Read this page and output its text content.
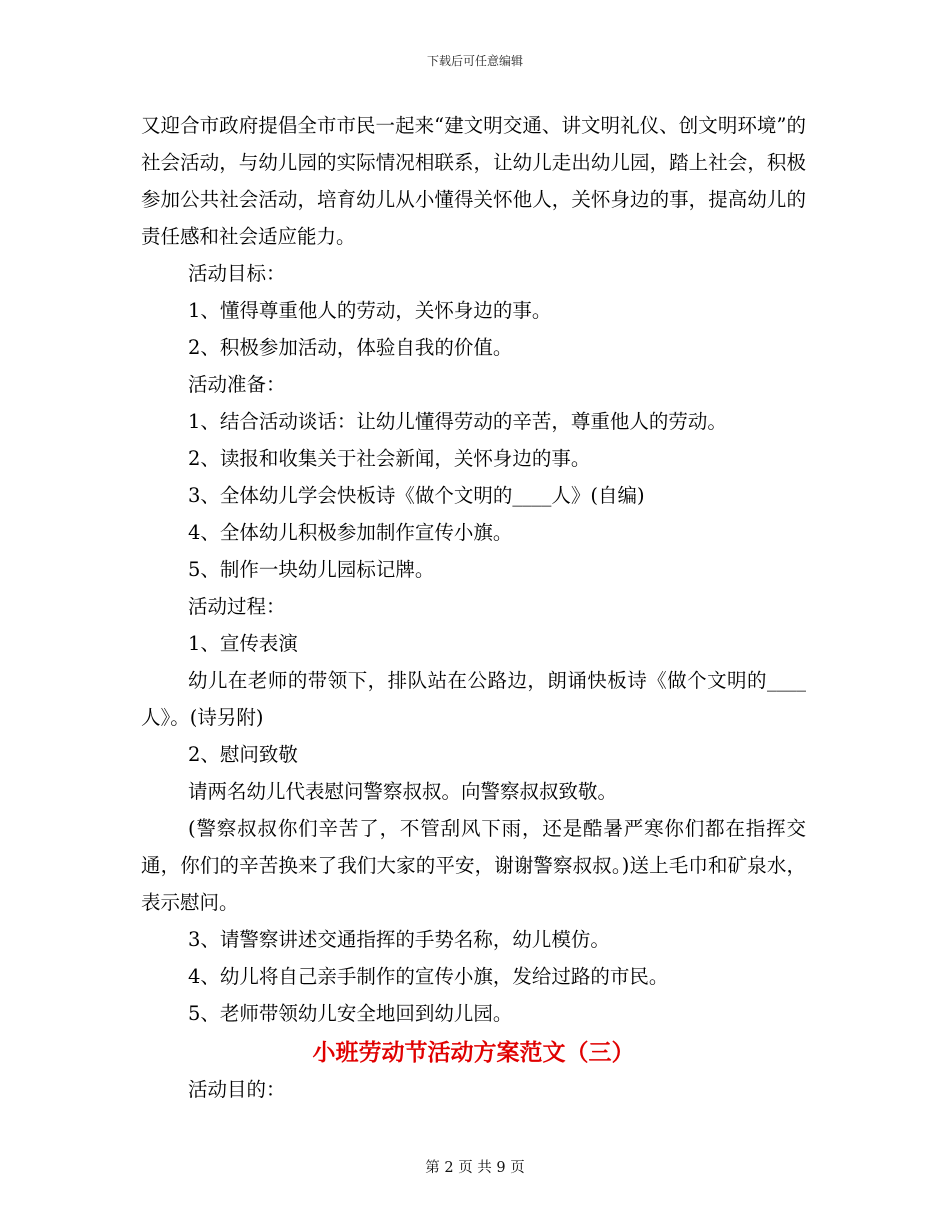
下载后可任意编辑

又迎合市政府提倡全市市民一起来“建文明交通、讲文明礼仪、创文明环境”的社会活动，与幼儿园的实际情况相联系，让幼儿走出幼儿园，踏上社会，积极参加公共社会活动，培育幼儿从小懂得关怀他人，关怀身边的事，提高幼儿的责任感和社会适应能力。

活动目标：

1、懂得尊重他人的劳动，关怀身边的事。

2、积极参加活动，体验自我的价值。

活动准备：

1、结合活动谈话：让幼儿懂得劳动的辛苦，尊重他人的劳动。

2、读报和收集关于社会新闻，关怀身边的事。

3、全体幼儿学会快板诗《做个文明的____人》(自编)

4、全体幼儿积极参加制作宣传小旗。

5、制作一块幼儿园标记牌。

活动过程：

1、宣传表演

幼儿在老师的带领下，排队站在公路边，朗诵快板诗《做个文明的____人》。(诗另附)

2、慰问致敬

请两名幼儿代表慰问警察叔叔。向警察叔叔致敬。

(警察叔叔你们辛苦了，不管刮风下雨，还是酷暑严寒你们都在指挥交通，你们的辛苦换来了我们大家的平安，谢谢警察叔叔。)送上毛巾和矿泉水，表示慰问。

3、请警察讲述交通指挥的手势名称，幼儿模仿。

4、幼儿将自己亲手制作的宣传小旗，发给过路的市民。

5、老师带领幼儿安全地回到幼儿园。

小班劳动节活动方案范文（三）

活动目的：

第 2 页 共 9 页
